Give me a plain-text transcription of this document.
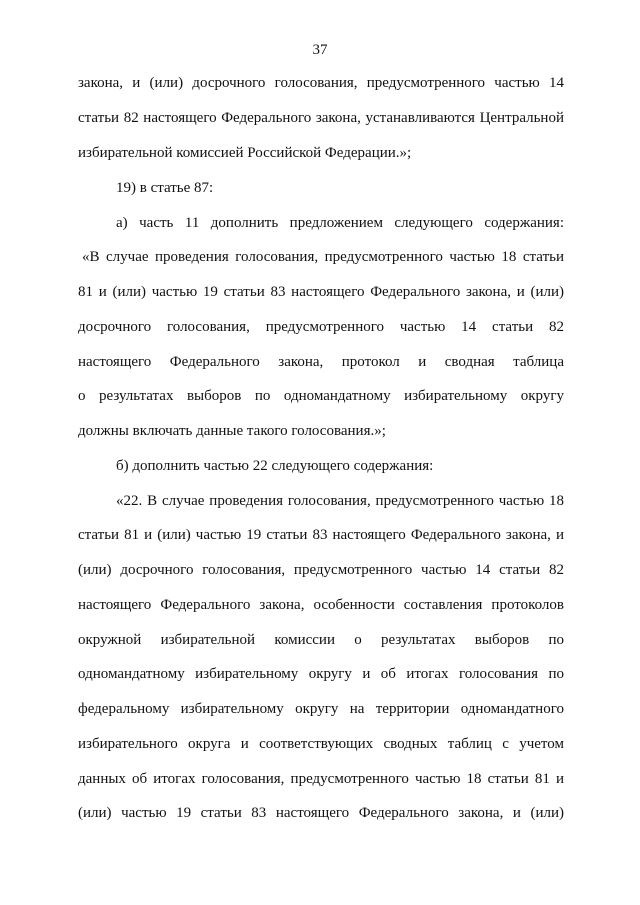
37
закона, и (или) досрочного голосования, предусмотренного частью 14
статьи 82 настоящего Федерального закона, устанавливаются Центральной
избирательной комиссией Российской Федерации.»;
19) в статье 87:
а) часть 11 дополнить предложением следующего содержания:
«В случае проведения голосования, предусмотренного частью 18 статьи
81 и (или) частью 19 статьи 83 настоящего Федерального закона, и (или)
досрочного голосования, предусмотренного частью 14 статьи 82
настоящего Федерального закона, протокол и сводная таблица
о результатах выборов по одномандатному избирательному округу
должны включать данные такого голосования.»;
б) дополнить частью 22 следующего содержания:
«22. В случае проведения голосования, предусмотренного частью 18
статьи 81 и (или) частью 19 статьи 83 настоящего Федерального закона, и
(или) досрочного голосования, предусмотренного частью 14 статьи 82
настоящего Федерального закона, особенности составления протоколов
окружной избирательной комиссии о результатах выборов по
одномандатному избирательному округу и об итогах голосования по
федеральному избирательному округу на территории одномандатного
избирательного округа и соответствующих сводных таблиц с учетом
данных об итогах голосования, предусмотренного частью 18 статьи 81 и
(или) частью 19 статьи 83 настоящего Федерального закона, и (или)
